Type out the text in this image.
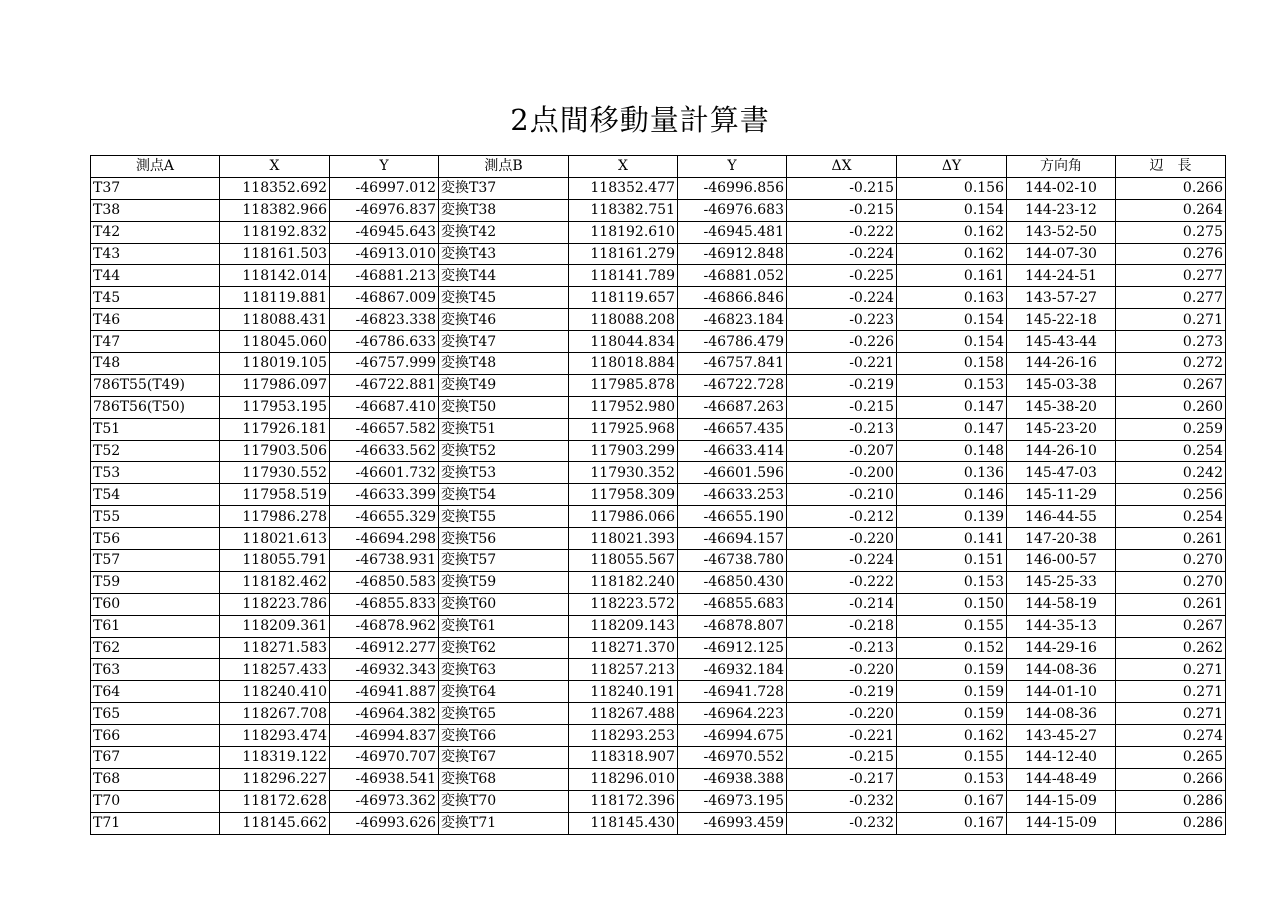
2点間移動量計算書
測点A	X	Y	測点B	X	Y	ΔX	ΔY	方向角	辺　長
T37	118352.692	-46997.012	変換T37	118352.477	-46996.856	-0.215	0.156	144-02-10	0.266
T38	118382.966	-46976.837	変換T38	118382.751	-46976.683	-0.215	0.154	144-23-12	0.264
T42	118192.832	-46945.643	変換T42	118192.610	-46945.481	-0.222	0.162	143-52-50	0.275
T43	118161.503	-46913.010	変換T43	118161.279	-46912.848	-0.224	0.162	144-07-30	0.276
T44	118142.014	-46881.213	変換T44	118141.789	-46881.052	-0.225	0.161	144-24-51	0.277
T45	118119.881	-46867.009	変換T45	118119.657	-46866.846	-0.224	0.163	143-57-27	0.277
T46	118088.431	-46823.338	変換T46	118088.208	-46823.184	-0.223	0.154	145-22-18	0.271
T47	118045.060	-46786.633	変換T47	118044.834	-46786.479	-0.226	0.154	145-43-44	0.273
T48	118019.105	-46757.999	変換T48	118018.884	-46757.841	-0.221	0.158	144-26-16	0.272
786T55(T49)	117986.097	-46722.881	変換T49	117985.878	-46722.728	-0.219	0.153	145-03-38	0.267
786T56(T50)	117953.195	-46687.410	変換T50	117952.980	-46687.263	-0.215	0.147	145-38-20	0.260
T51	117926.181	-46657.582	変換T51	117925.968	-46657.435	-0.213	0.147	145-23-20	0.259
T52	117903.506	-46633.562	変換T52	117903.299	-46633.414	-0.207	0.148	144-26-10	0.254
T53	117930.552	-46601.732	変換T53	117930.352	-46601.596	-0.200	0.136	145-47-03	0.242
T54	117958.519	-46633.399	変換T54	117958.309	-46633.253	-0.210	0.146	145-11-29	0.256
T55	117986.278	-46655.329	変換T55	117986.066	-46655.190	-0.212	0.139	146-44-55	0.254
T56	118021.613	-46694.298	変換T56	118021.393	-46694.157	-0.220	0.141	147-20-38	0.261
T57	118055.791	-46738.931	変換T57	118055.567	-46738.780	-0.224	0.151	146-00-57	0.270
T59	118182.462	-46850.583	変換T59	118182.240	-46850.430	-0.222	0.153	145-25-33	0.270
T60	118223.786	-46855.833	変換T60	118223.572	-46855.683	-0.214	0.150	144-58-19	0.261
T61	118209.361	-46878.962	変換T61	118209.143	-46878.807	-0.218	0.155	144-35-13	0.267
T62	118271.583	-46912.277	変換T62	118271.370	-46912.125	-0.213	0.152	144-29-16	0.262
T63	118257.433	-46932.343	変換T63	118257.213	-46932.184	-0.220	0.159	144-08-36	0.271
T64	118240.410	-46941.887	変換T64	118240.191	-46941.728	-0.219	0.159	144-01-10	0.271
T65	118267.708	-46964.382	変換T65	118267.488	-46964.223	-0.220	0.159	144-08-36	0.271
T66	118293.474	-46994.837	変換T66	118293.253	-46994.675	-0.221	0.162	143-45-27	0.274
T67	118319.122	-46970.707	変換T67	118318.907	-46970.552	-0.215	0.155	144-12-40	0.265
T68	118296.227	-46938.541	変換T68	118296.010	-46938.388	-0.217	0.153	144-48-49	0.266
T70	118172.628	-46973.362	変換T70	118172.396	-46973.195	-0.232	0.167	144-15-09	0.286
T71	118145.662	-46993.626	変換T71	118145.430	-46993.459	-0.232	0.167	144-15-09	0.286
